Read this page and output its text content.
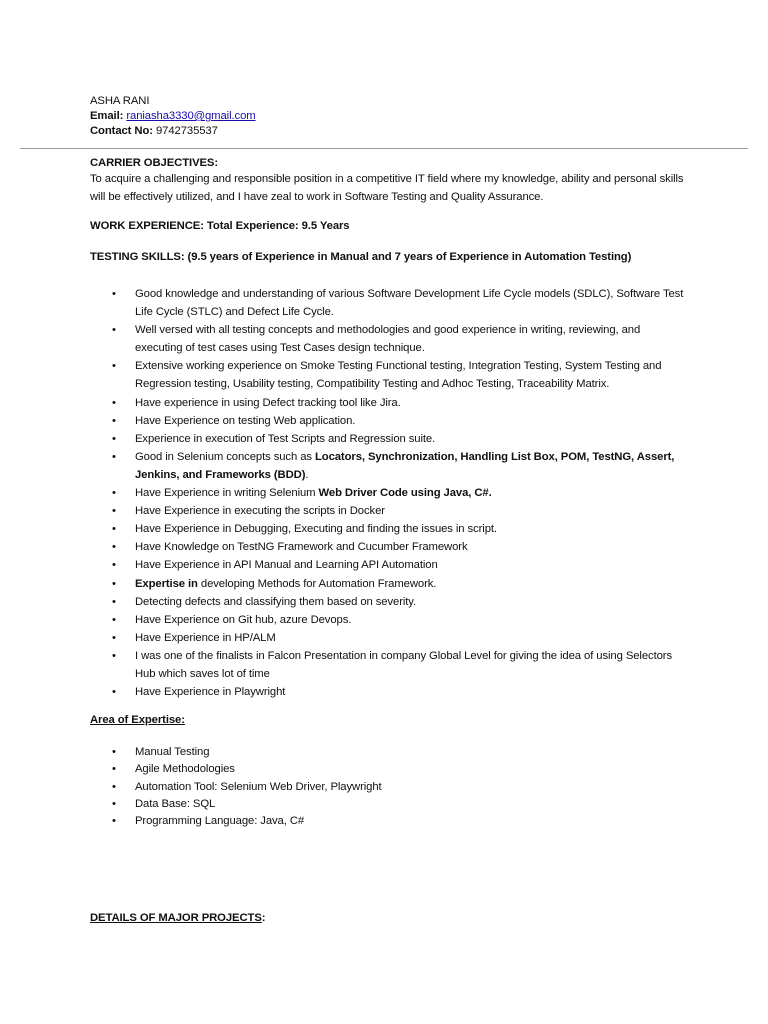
ASHA RANI
Email: raniasha3330@gmail.com
Contact No: 9742735537
CARRIER OBJECTIVES:
To acquire a challenging and responsible position in a competitive IT field where my knowledge, ability and personal skills will be effectively utilized, and I have zeal to work in Software Testing and Quality Assurance.
WORK EXPERIENCE: Total Experience: 9.5 Years
TESTING SKILLS: (9.5 years of Experience in Manual and 7 years of Experience in Automation Testing)
• Good knowledge and understanding of various Software Development Life Cycle models (SDLC), Software Test Life Cycle (STLC) and Defect Life Cycle.
• Well versed with all testing concepts and methodologies and good experience in writing, reviewing, and executing of test cases using Test Cases design technique.
• Extensive working experience on Smoke Testing Functional testing, Integration Testing, System Testing and Regression testing, Usability testing, Compatibility Testing and Adhoc Testing, Traceability Matrix.
• Have experience in using Defect tracking tool like Jira.
• Have Experience on testing Web application.
• Experience in execution of Test Scripts and Regression suite.
• Good in Selenium concepts such as Locators, Synchronization, Handling List Box, POM, TestNG, Assert, Jenkins, and Frameworks (BDD).
• Have Experience in writing Selenium Web Driver Code using Java, C#.
• Have Experience in executing the scripts in Docker
• Have Experience in Debugging, Executing and finding the issues in script.
• Have Knowledge on TestNG Framework and Cucumber Framework
• Have Experience in API Manual and Learning API Automation
• Expertise in developing Methods for Automation Framework.
• Detecting defects and classifying them based on severity.
• Have Experience on Git hub, azure Devops.
• Have Experience in HP/ALM
• I was one of the finalists in Falcon Presentation in company Global Level for giving the idea of using Selectors Hub which saves lot of time
• Have Experience in Playwright
Area of Expertise:
• Manual Testing
• Agile Methodologies
• Automation Tool: Selenium Web Driver, Playwright
• Data Base: SQL
• Programming Language: Java, C#
DETAILS OF MAJOR PROJECTS:
